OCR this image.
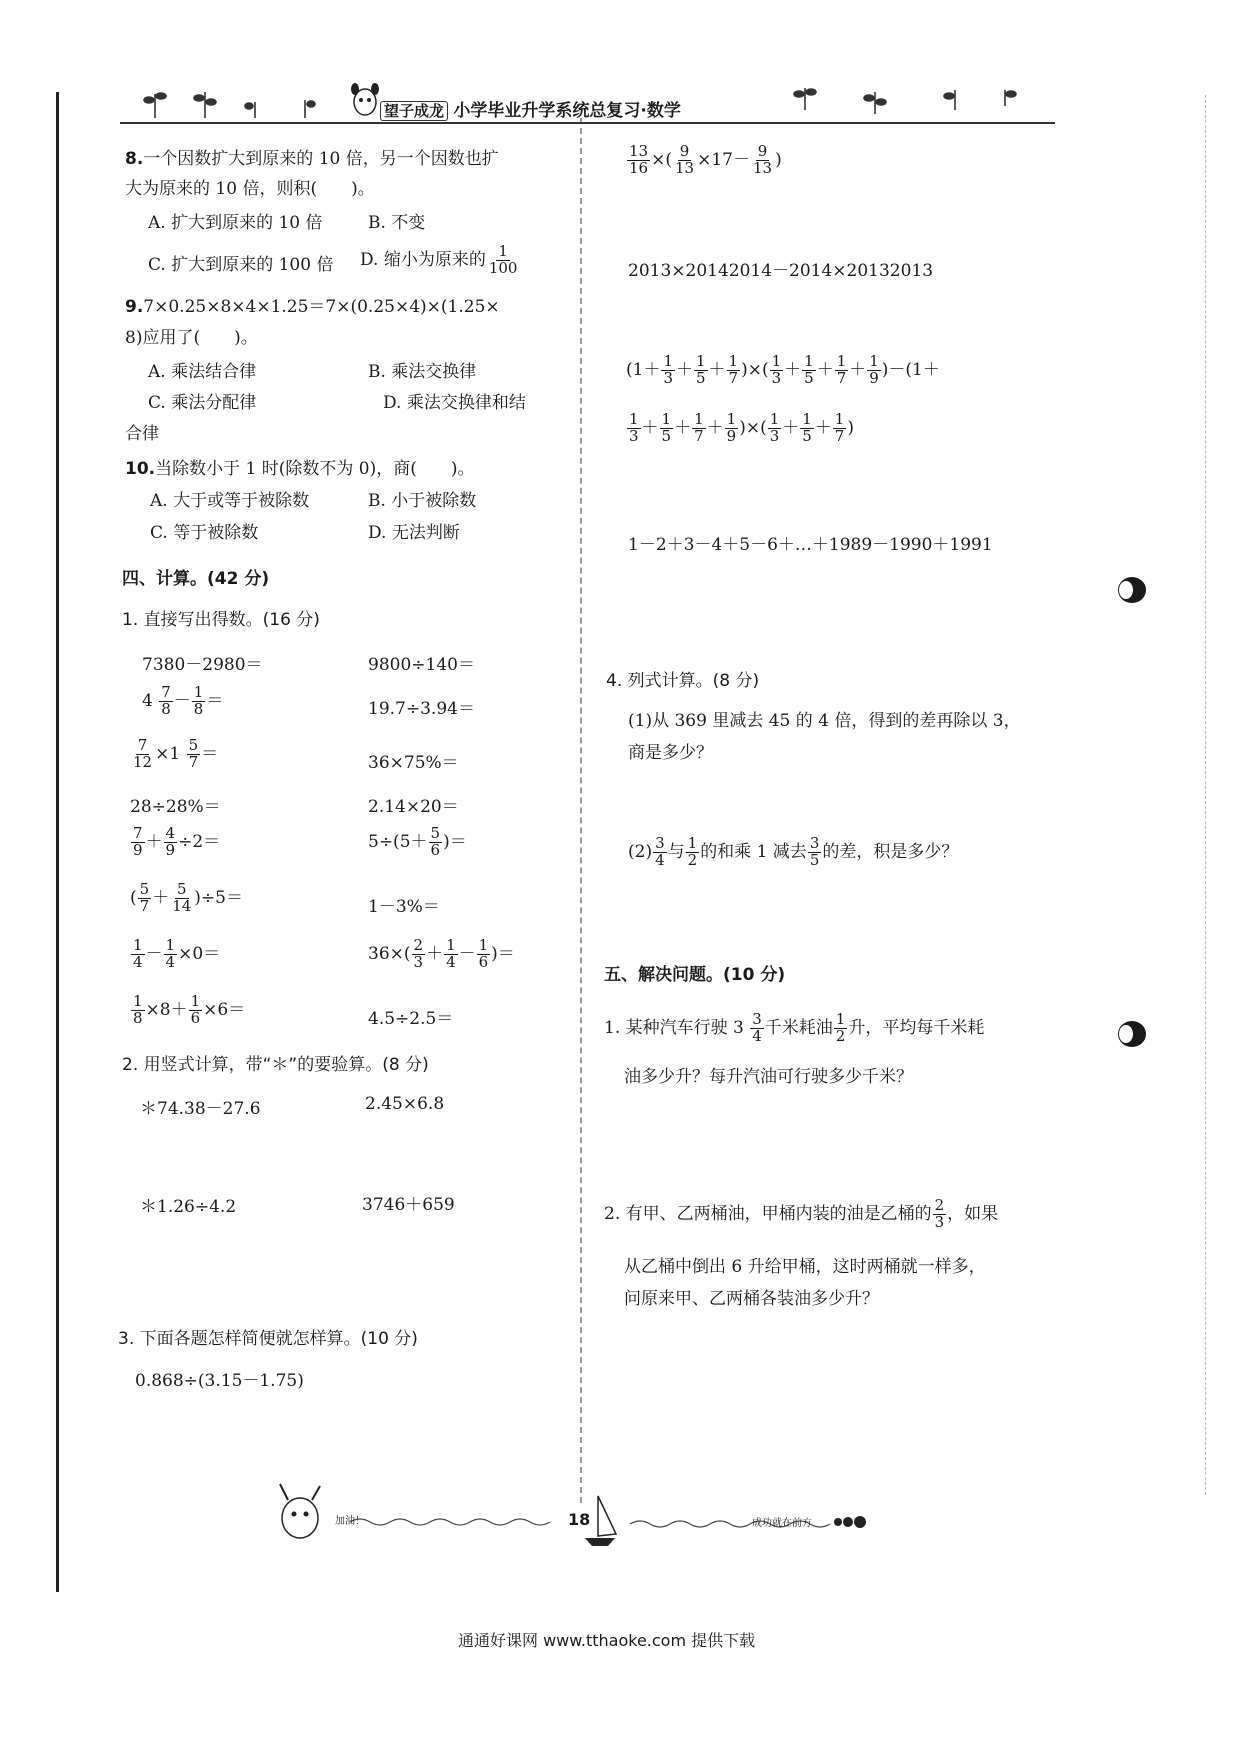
望子成龙 小学毕业升学系统总复习·数学
8.一个因数扩大到原来的 10 倍，另一个因数也扩
大为原来的 10 倍，则积(　　)。
A. 扩大到原来的 10 倍	B. 不变
C. 扩大到原来的 100 倍 D. 缩小为原来的 $\frac{1}{100}$
9.7×0.25×8×4×1.25＝7×(0.25×4)×(1.25×
8)应用了(　　)。
A. 乘法结合律	B. 乘法交换律
C. 乘法分配律	D. 乘法交换律和结
合律
10.当除数小于 1 时(除数不为 0)，商(　　)。
A. 大于或等于被除数	B. 小于被除数
C. 等于被除数	D. 无法判断
四、计算。(42 分)
1. 直接写出得数。(16 分)
7380－2980＝	9800÷140＝
$4 \frac{7}{8} - \frac{1}{8}$ ＝	19.7÷3.94＝
$\frac{7}{12} \times 1 \frac{5}{7}$ ＝	36×75%＝
28÷28%＝	2.14×20＝
$\frac{7}{9} + \frac{4}{9} \div 2=$	$5\div(5+ \frac{5}{6}$ )＝
( $\frac{5}{7} + \frac{5}{14} )\div 5=$	1－3%＝
$\frac{1}{4} - \frac{1}{4} \times 0=$	$36\times( \frac{2}{3} + \frac{1}{4} - \frac{1}{6}$ )＝
$\frac{1}{8} \times 8+ \frac{1}{6} \times 6=$	4.5÷2.5＝
2. 用竖式计算，带“＊”的要验算。(8 分)
＊74.38－27.6	2.45×6.8
＊1.26÷4.2	3746＋659
3. 下面各题怎样简便就怎样算。(10 分)
0.868÷(3.15－1.75)
$\frac{13}{16}$ ×( $\frac{9}{13} \times 17- \frac{9}{13}$ )
2013×20142014－2014×20132013
($1+ \frac{1}{3} + \frac{1}{5} + \frac{1}{7}$ )×( $\frac{1}{3} + \frac{1}{5} + \frac{1}{7} + \frac{1}{9} )-(1+$
$\frac{1}{3} + \frac{1}{5} + \frac{1}{7} + \frac{1}{9}$ )×( $\frac{1}{3} + \frac{1}{5} + \frac{1}{7}$ )
1－2＋3－4＋5－6＋…＋1989－1990＋1991
4. 列式计算。(8 分)
(1)从 369 里减去 45 的 4 倍，得到的差再除以 3，
商是多少？
$(2) \frac{3}{4}$ 与 $\frac{1}{2}$ 的和乘 1 减去 $\frac{3}{5}$ 的差，积是多少？
五、解决问题。(10 分)
1. 某种汽车行驶 $3 \frac{3}{4}$ 千米耗油 $\frac{1}{2}$ 升，平均每千米耗
油多少升？每升汽油可行驶多少千米？
2. 有甲、乙两桶油，甲桶内装的油是乙桶的 $\frac{2}{3}$ ，如果
从乙桶中倒出 6 升给甲桶，这时两桶就一样多，
问原来甲、乙两桶各装油多少升？
加油！	18	成功就在前方
通通好课网 www.tthaoke.com 提供下载
